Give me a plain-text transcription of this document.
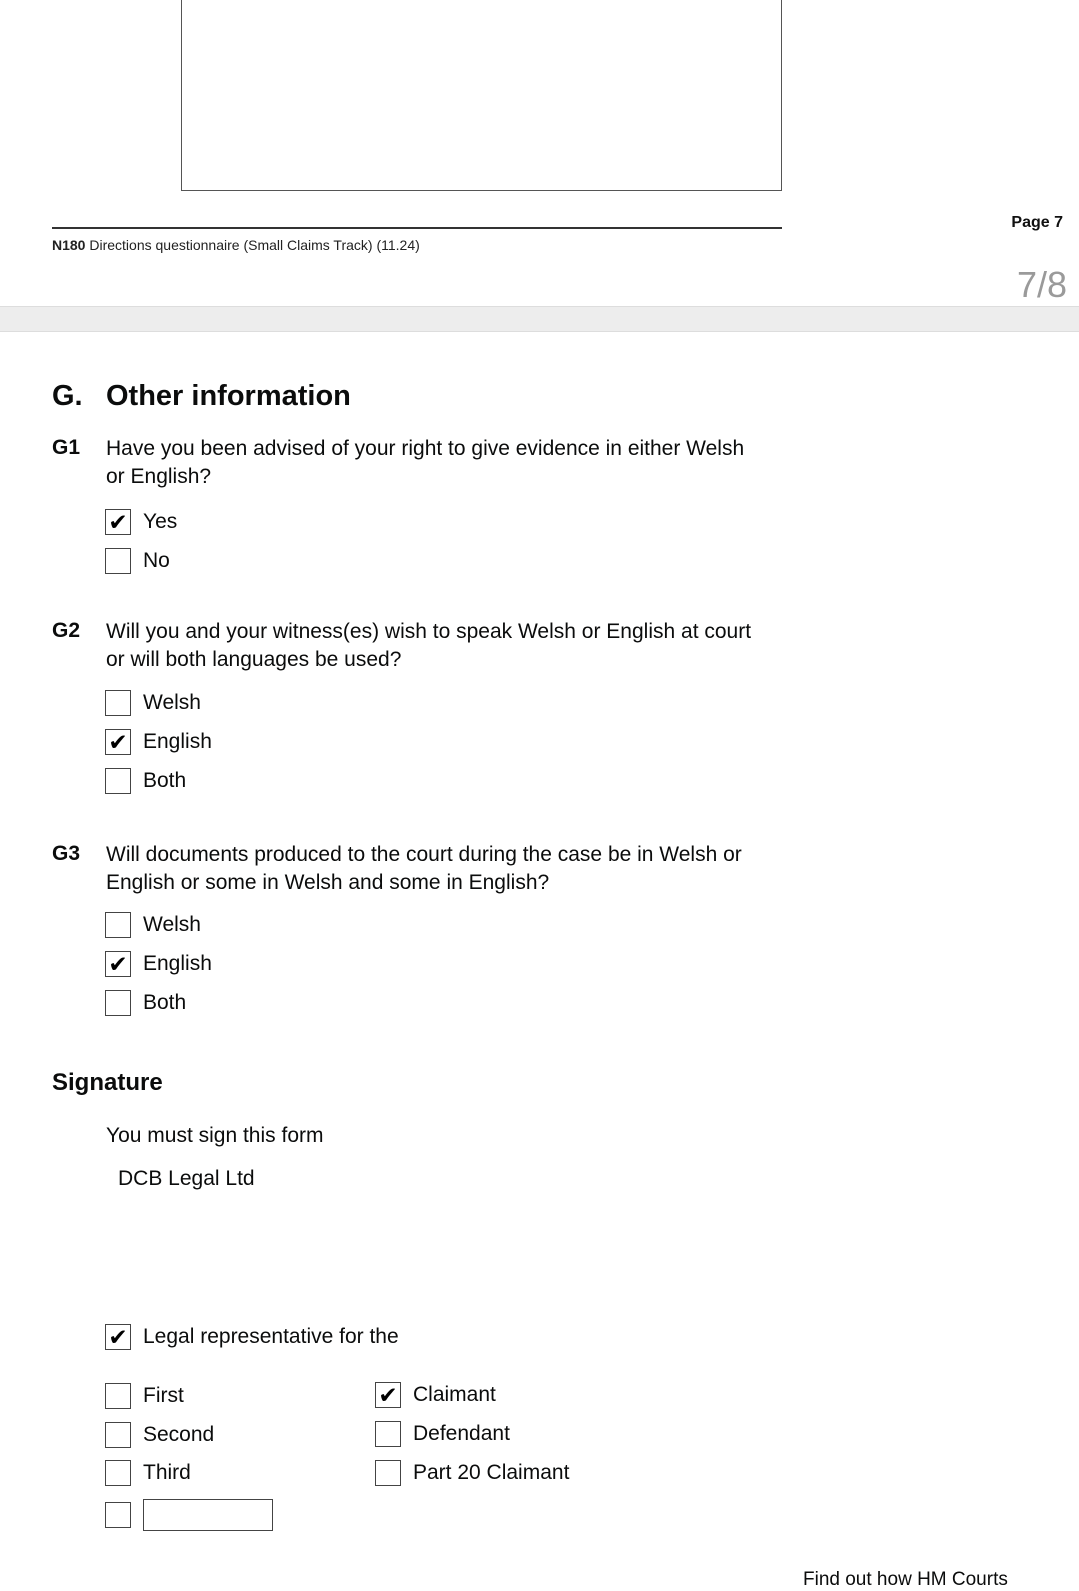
N180 Directions questionnaire (Small Claims Track) (11.24)
Page 7
7/8
G. Other information
G1 Have you been advised of your right to give evidence in either Welsh or English?
✔ Yes
No
G2 Will you and your witness(es) wish to speak Welsh or English at court or will both languages be used?
Welsh
✔ English
Both
G3 Will documents produced to the court during the case be in Welsh or English or some in Welsh and some in English?
Welsh
✔ English
Both
Signature
You must sign this form
DCB Legal Ltd
✔ Legal representative for the
First
Second
Third
✔ Claimant
Defendant
Part 20 Claimant
Find out how HM Courts
